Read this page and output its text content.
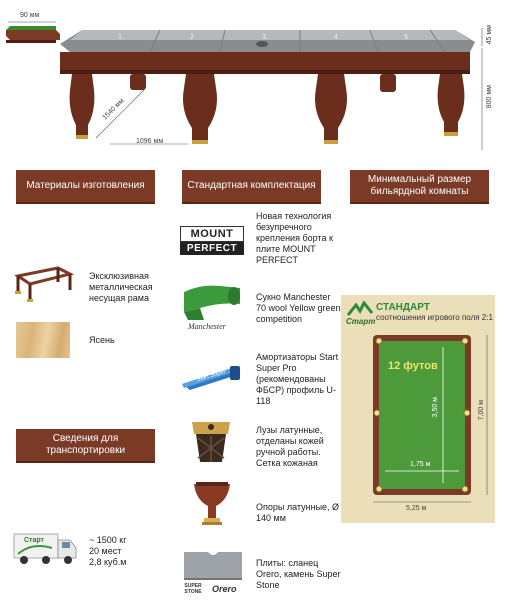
90 мм
45 мм
800 мм
1540 мм
1096 мм
1	2	3	4	5
Материалы изготовления	Стандартная комплектация
Минимальный размер бильярдной комнаты
Эксклюзивная металлическая несущая рама
Ясень
Сведения для транспортировки
Старт	~ 1500 кг
20 мест
2,8 куб.м
MOUNT
PERFECT
Новая технология безупречного крепления борта к плите MOUNT PERFECT
Manchester
Сукно Manchester 70 wool Yellow green competition
Start Super
Амортизаторы Start Super Pro (рекомендованы ФБСР) профиль U-118
Лузы латунные, отделаны кожей ручной работы. Сетка кожаная
Опоры латунные, Ø 140 мм
SUPER
STONE	Orero
Плиты: сланец Orero, камень Super Stone
Старт
СТАНДАРТ
соотношения игрового поля 2:1
12 футов
3,50 м
1,75 м
7,00 м
5,25 м
